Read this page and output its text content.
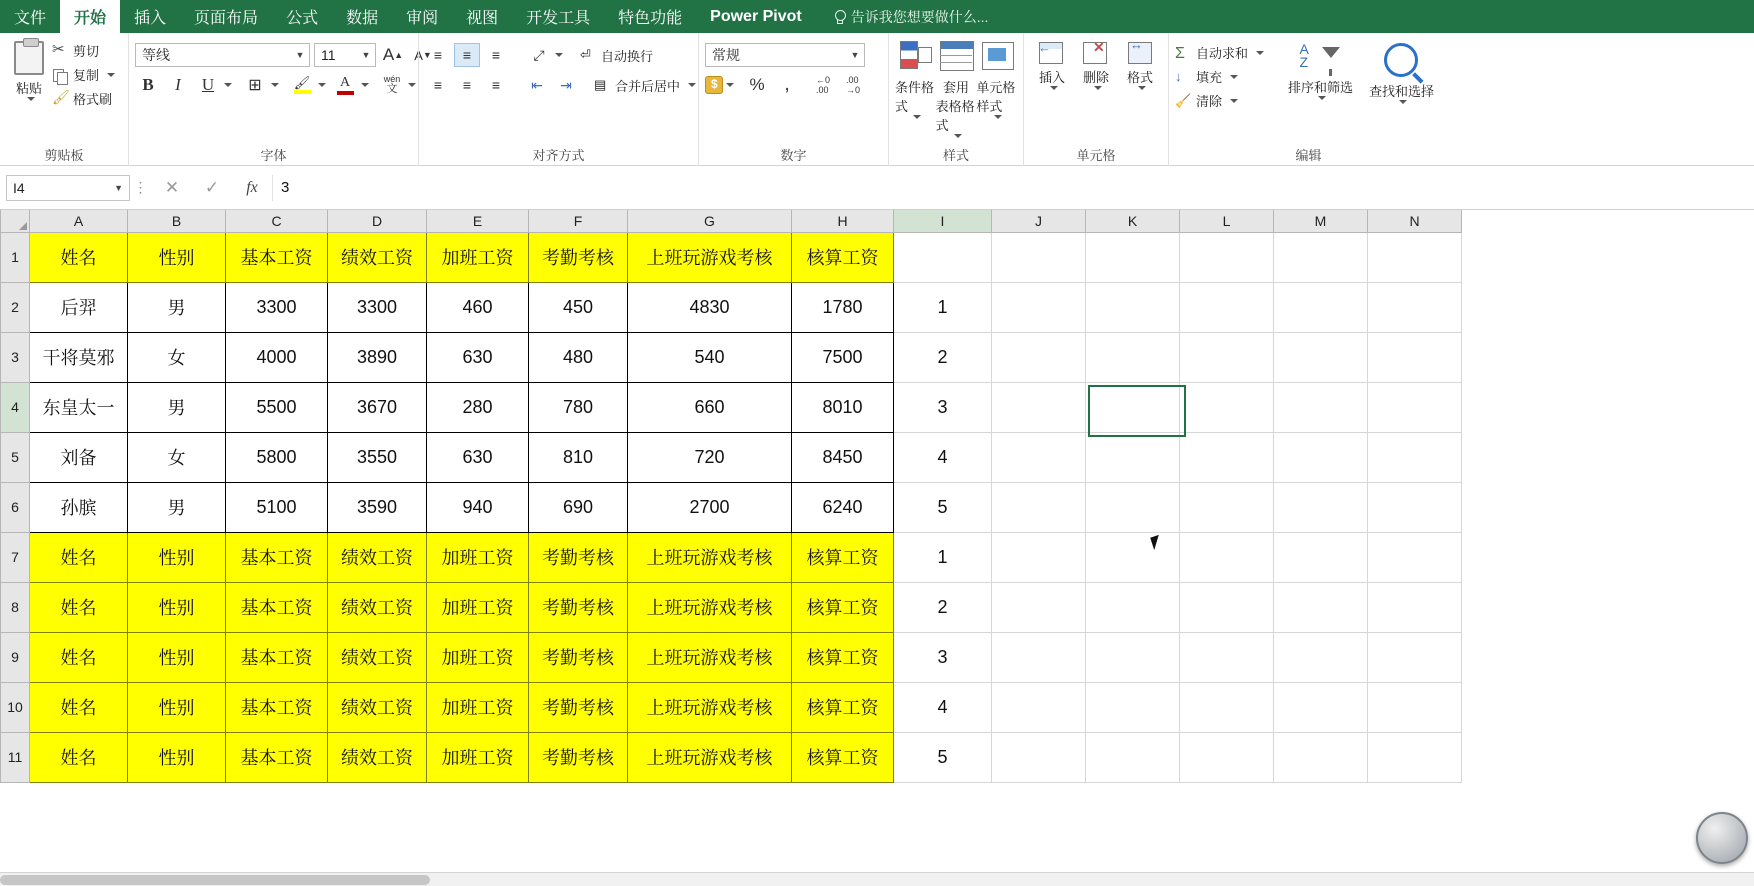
文件	开始	插入	页面布局	公式	数据	审阅	视图	开发工具	特色功能	Power Pivot	告诉我您想要做什么...
粘贴
✂
剪切
复制
🖌
格式刷
剪贴板
等线	▼ 11	▼ A ▲ A ▼
B	I	U	⊞	🖌 A	wén
文
字体
≡	≡	≡	⤢	⏎ 自动换行
≡	≡	≡	⇤	⇥	▤ 合并后居中
对齐方式
常规	▼
$
%	,	←0
.00
.00
→0
数字
条件格式
套用
表格格式
单元格样式
样式
←
插入
✕ 删除
↔ 格式
单元格
Σ 自动求和
↓	填充
🧹 清除
A
Z
排序和筛选 查找和选择
编辑
I4	▼ ⋮ ✕	✓	fx	3
	A	B	C	D	E	F	G	H	I	J	K	L	M	N
1	姓名	性别	基本工资	绩效工资	加班工资	考勤考核	上班玩游戏考核	核算工资						
2	后羿	男	3300	3300	460	450	4830	1780	1					
3	干将莫邪	女	4000	3890	630	480	540	7500	2					
4	东皇太一	男	5500	3670	280	780	660	8010	3					
5	刘备	女	5800	3550	630	810	720	8450	4					
6	孙膑	男	5100	3590	940	690	2700	6240	5					
7	姓名	性别	基本工资	绩效工资	加班工资	考勤考核	上班玩游戏考核	核算工资	1					
8	姓名	性别	基本工资	绩效工资	加班工资	考勤考核	上班玩游戏考核	核算工资	2					
9	姓名	性别	基本工资	绩效工资	加班工资	考勤考核	上班玩游戏考核	核算工资	3					
10	姓名	性别	基本工资	绩效工资	加班工资	考勤考核	上班玩游戏考核	核算工资	4					
11	姓名	性别	基本工资	绩效工资	加班工资	考勤考核	上班玩游戏考核	核算工资	5					
